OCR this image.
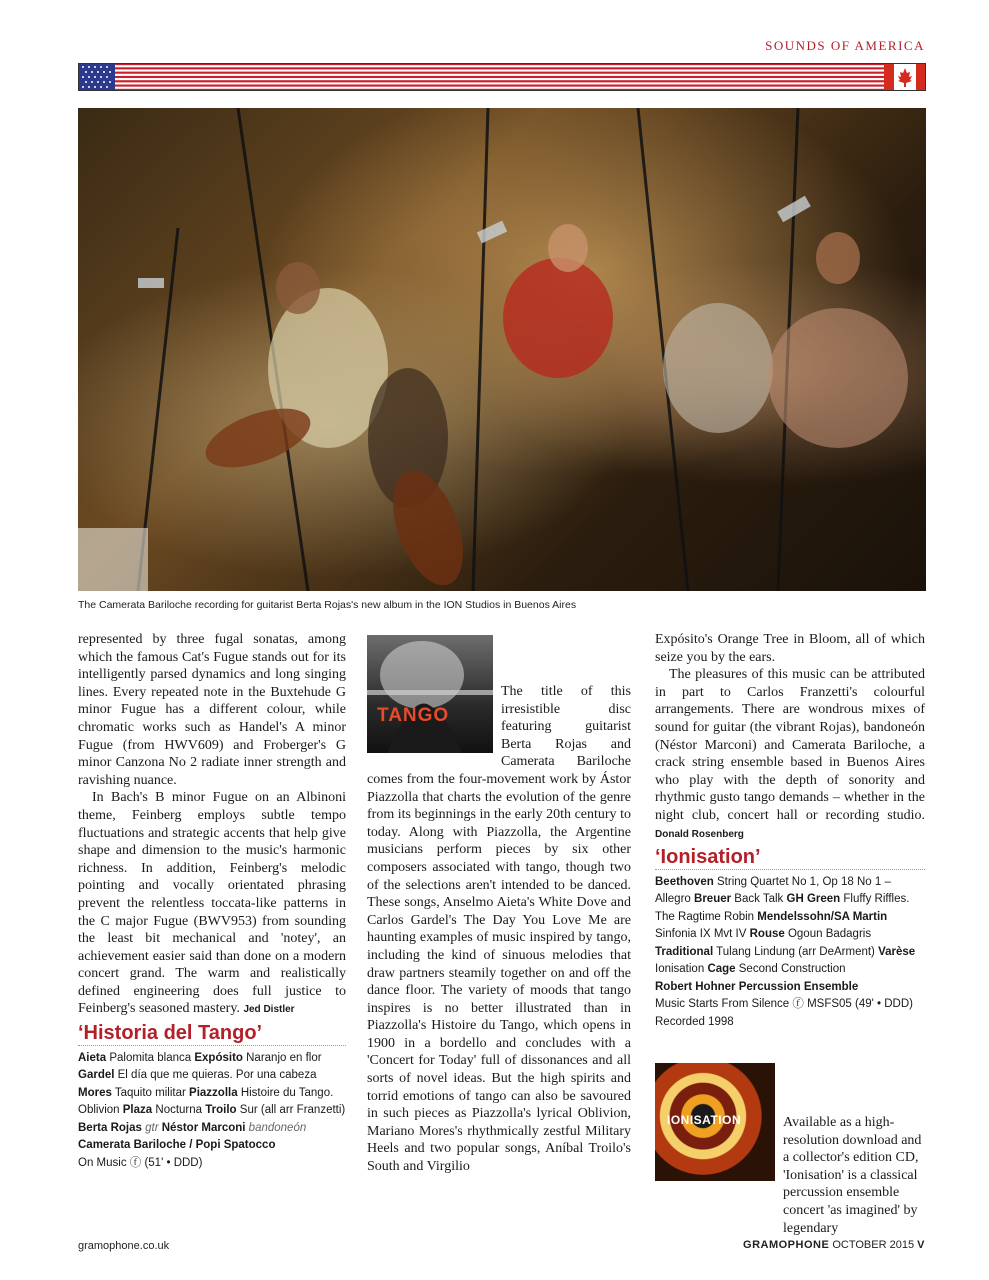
SOUNDS OF AMERICA
The Camerata Bariloche recording for guitarist Berta Rojas's new album in the ION Studios in Buenos Aires

represented by three fugal sonatas, among which the famous Cat's Fugue stands out for its intelligently parsed dynamics and long singing lines. Every repeated note in the Buxtehude G minor Fugue has a different colour, while chromatic works such as Handel's A minor Fugue (from HWV609) and Froberger's G minor Canzona No 2 radiate inner strength and ravishing nuance.

In Bach's B minor Fugue on an Albinoni theme, Feinberg employs subtle tempo fluctuations and strategic accents that help give shape and dimension to the music's harmonic richness. In addition, Feinberg's melodic pointing and vocally orientated phrasing prevent the relentless toccata-like patterns in the C major Fugue (BWV953) from sounding the least bit mechanical and 'notey', an achievement easier said than done on a modern concert grand. The warm and realistically defined engineering does full justice to Feinberg's seasoned mastery. Jed Distler

‘Historia del Tango’
Aieta Palomita blanca Expósito Naranjo en flor Gardel El día que me quieras. Por una cabeza Mores Taquito militar Piazzolla Histoire du Tango. Oblivion Plaza Nocturna Troilo Sur (all arr Franzetti)
Berta Rojas gtr Néstor Marconi bandoneón
Camerata Bariloche / Popi Spatocco
On Music ⓕ (51' • DDD)

The title of this irresistible disc featuring guitarist Berta Rojas and Camerata Bariloche comes from the four-movement work by Ástor Piazzolla that charts the evolution of the genre from its beginnings in the early 20th century to today. Along with Piazzolla, the Argentine musicians perform pieces by six other composers associated with tango, though two of the selections aren't intended to be danced. These songs, Anselmo Aieta's White Dove and Carlos Gardel's The Day You Love Me are haunting examples of music inspired by tango, including the kind of sinuous melodies that draw partners steamily together on and off the dance floor. The variety of moods that tango inspires is no better illustrated than in Piazzolla's Histoire du Tango, which opens in 1900 in a bordello and concludes with a 'Concert for Today' full of dissonances and all sorts of novel ideas. But the high spirits and torrid emotions of tango can also be savoured in such pieces as Piazzolla's lyrical Oblivion, Mariano Mores's rhythmically zestful Military Heels and two popular songs, Aníbal Troilo's South and Virgilio

TANGO

Expósito's Orange Tree in Bloom, all of which seize you by the ears.

The pleasures of this music can be attributed in part to Carlos Franzetti's colourful arrangements. There are wondrous mixes of sound for guitar (the vibrant Rojas), bandoneón (Néstor Marconi) and Camerata Bariloche, a crack string ensemble based in Buenos Aires who play with the depth of sonority and rhythmic gusto tango demands – whether in the night club, concert hall or recording studio. Donald Rosenberg

‘Ionisation’
Beethoven String Quartet No 1, Op 18 No 1 – Allegro Breuer Back Talk GH Green Fluffy Riffles. The Ragtime Robin Mendelssohn/SA Martin Sinfonia IX Mvt IV Rouse Ogoun Badagris Traditional Tulang Lindung (arr DeArment) Varèse Ionisation Cage Second Construction
Robert Hohner Percussion Ensemble
Music Starts From Silence ⓕ MSFS05 (49' • DDD)
Recorded 1998
IONISATION	Available as a high-resolution download and a collector's edition CD, 'Ionisation' is a classical percussion ensemble concert 'as imagined' by legendary
gramophone.co.uk	GRAMOPHONE OCTOBER 2015 V
